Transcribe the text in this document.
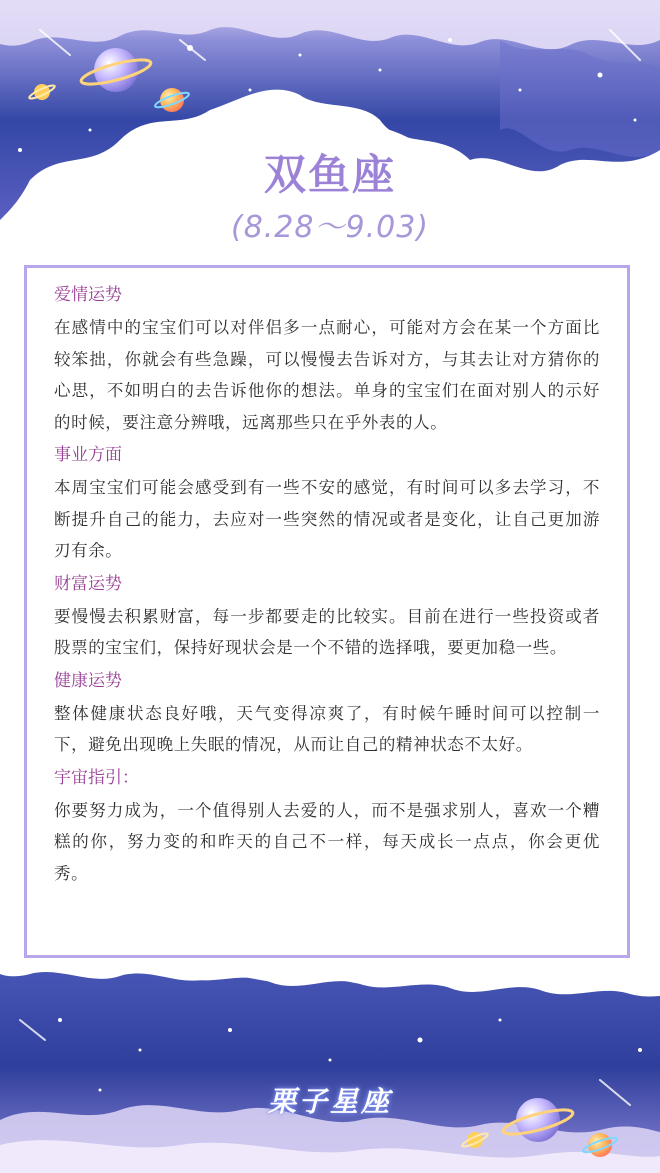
双鱼座
(8.28～9.03)
爱情运势

在感情中的宝宝们可以对伴侣多一点耐心，可能对方会在某一个方面比较笨拙，你就会有些急躁，可以慢慢去告诉对方，与其去让对方猜你的心思，不如明白的去告诉他你的想法。单身的宝宝们在面对别人的示好的时候，要注意分辨哦，远离那些只在乎外表的人。

事业方面

本周宝宝们可能会感受到有一些不安的感觉，有时间可以多去学习，不断提升自己的能力，去应对一些突然的情况或者是变化，让自己更加游刃有余。

财富运势

要慢慢去积累财富，每一步都要走的比较实。目前在进行一些投资或者股票的宝宝们，保持好现状会是一个不错的选择哦，要更加稳一些。

健康运势

整体健康状态良好哦，天气变得凉爽了，有时候午睡时间可以控制一下，避免出现晚上失眠的情况，从而让自己的精神状态不太好。

宇宙指引：

你要努力成为，一个值得别人去爱的人，而不是强求别人，喜欢一个糟糕的你，努力变的和昨天的自己不一样，每天成长一点点，你会更优秀。

栗子星座
